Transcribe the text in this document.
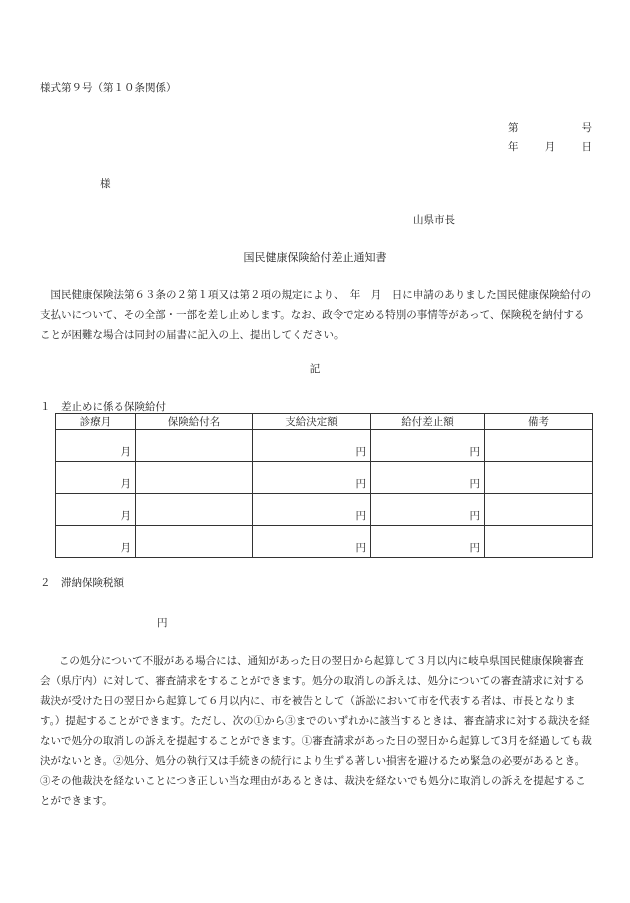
様式第９号（第１０条関係）
第	号
年	月	日
様
山県市長
国民健康保険給付差止通知書
国民健康保険法第６３条の２第１項又は第２項の規定により、　年　月　日に申請のありました国民健康保険給付の支払いについて、その全部・一部を差し止めします。なお、政令で定める特別の事情等があって、保険税を納付することが困難な場合は同封の届書に記入の上、提出してください。
記
１　差止めに係る保険給付
診療月	保険給付名	支給決定額	給付差止額	備考
月		円	円	
月		円	円	
月		円	円	
月		円	円	
２　滞納保険税額
円
この処分について不服がある場合には、通知があった日の翌日から起算して３月以内に岐阜県国民健康保険審査会（県庁内）に対して、審査請求をすることができます。処分の取消しの訴えは、処分についての審査請求に対する裁決が受けた日の翌日から起算して６月以内に、市を被告として（訴訟において市を代表する者は、市長となります。）提起することができます。ただし、次の①から③までのいずれかに該当するときは、審査請求に対する裁決を経ないで処分の取消しの訴えを提起することができます。①審査請求があった日の翌日から起算して3月を経過しても裁決がないとき。②処分、処分の執行又は手続きの続行により生ずる著しい損害を避けるため緊急の必要があるとき。③その他裁決を経ないことにつき正しい当な理由があるときは、裁決を経ないでも処分に取消しの訴えを提起することができます。
